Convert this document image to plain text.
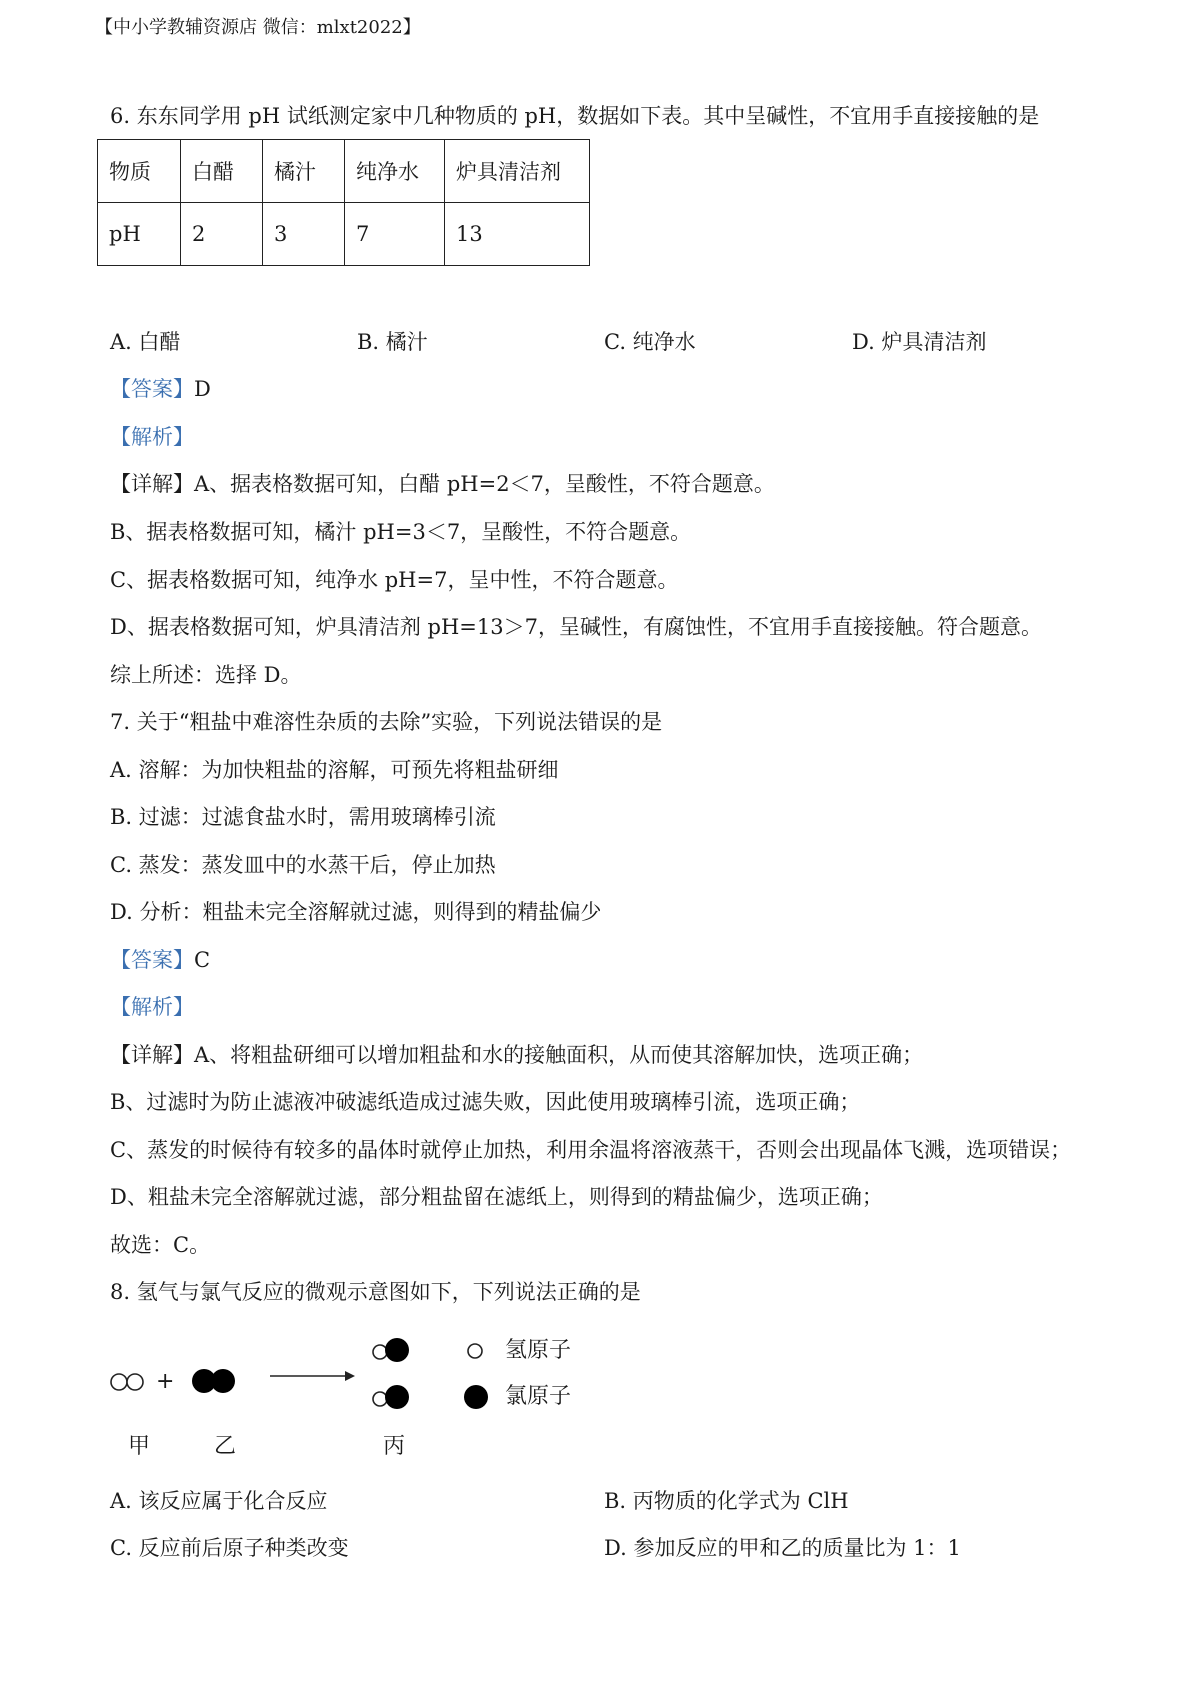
【中小学教辅资源店 微信：mlxt2022】
6. 东东同学用 pH 试纸测定家中几种物质的 pH，数据如下表。其中呈碱性，不宜用手直接接触的是
物质	白醋	橘汁	纯净水	炉具清洁剂
pH	2	3	7	13
A. 白醋	B. 橘汁	C. 纯净水	D. 炉具清洁剂
【答案】D
【解析】
【详解】A、据表格数据可知，白醋 pH=2＜7，呈酸性，不符合题意。
B、据表格数据可知，橘汁 pH=3＜7，呈酸性，不符合题意。
C、据表格数据可知，纯净水 pH=7，呈中性，不符合题意。
D、据表格数据可知，炉具清洁剂 pH=13＞7，呈碱性，有腐蚀性，不宜用手直接接触。符合题意。
综上所述：选择 D。
7. 关于“粗盐中难溶性杂质的去除”实验，下列说法错误的是
A. 溶解：为加快粗盐的溶解，可预先将粗盐研细
B. 过滤：过滤食盐水时，需用玻璃棒引流
C. 蒸发：蒸发皿中的水蒸干后，停止加热
D. 分析：粗盐未完全溶解就过滤，则得到的精盐偏少
【答案】C
【解析】
【详解】A、将粗盐研细可以增加粗盐和水的接触面积，从而使其溶解加快，选项正确；
B、过滤时为防止滤液冲破滤纸造成过滤失败，因此使用玻璃棒引流，选项正确；
C、蒸发的时候待有较多的晶体时就停止加热，利用余温将溶液蒸干，否则会出现晶体飞溅，选项错误；
D、粗盐未完全溶解就过滤，部分粗盐留在滤纸上，则得到的精盐偏少，选项正确；
故选：C。
8. 氢气与氯气反应的微观示意图如下，下列说法正确的是
+
氢原子
氯原子
甲	乙	丙
A. 该反应属于化合反应	B. 丙物质的化学式为 ClH
C. 反应前后原子种类改变	D. 参加反应的甲和乙的质量比为 1：1
